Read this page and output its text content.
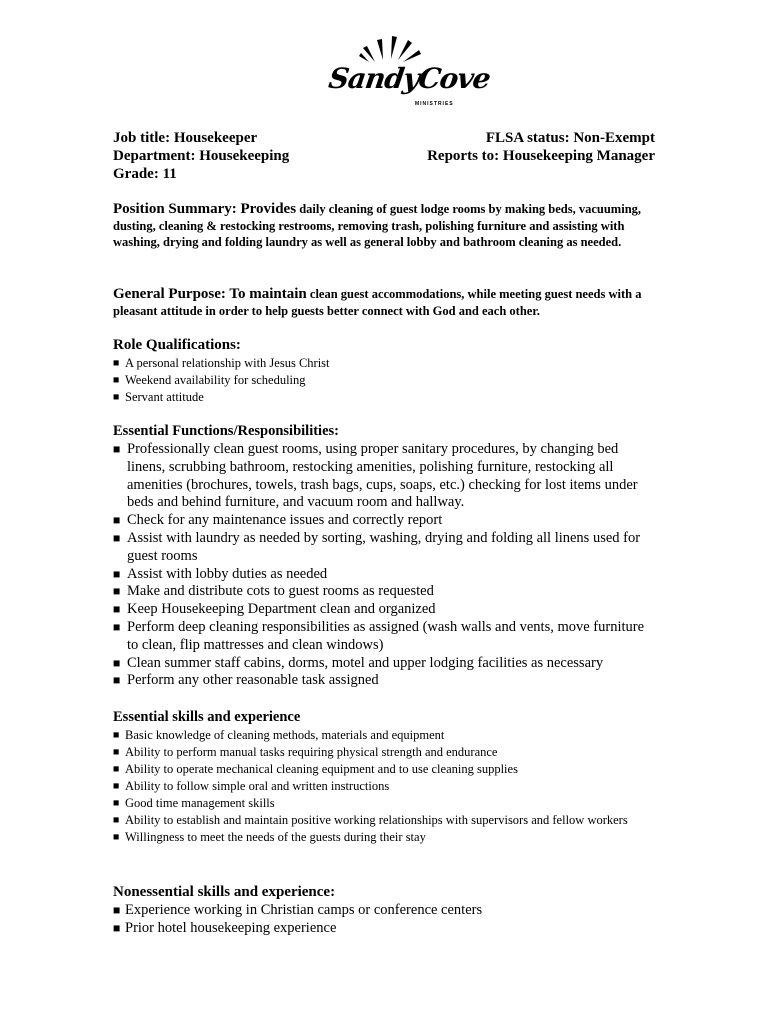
SandyCove
MINISTRIES
Job title: Housekeeper
Department: Housekeeping
Grade: 11
FLSA status: Non-Exempt
Reports to: Housekeeping Manager
Position Summary: Provides daily cleaning of guest lodge rooms by making beds, vacuuming, dusting, cleaning & restocking restrooms, removing trash, polishing furniture and assisting with washing, drying and folding laundry as well as general lobby and bathroom cleaning as needed.
General Purpose: To maintain clean guest accommodations, while meeting guest needs with a pleasant attitude in order to help guests better connect with God and each other.
Role Qualifications:
■ A personal relationship with Jesus Christ
■ Weekend availability for scheduling
■ Servant attitude
Essential Functions/Responsibilities:
■ Professionally clean guest rooms, using proper sanitary procedures, by changing bed linens, scrubbing bathroom, restocking amenities, polishing furniture, restocking all amenities (brochures, towels, trash bags, cups, soaps, etc.) checking for lost items under beds and behind furniture, and vacuum room and hallway.
■ Check for any maintenance issues and correctly report
■ Assist with laundry as needed by sorting, washing, drying and folding all linens used for guest rooms
■ Assist with lobby duties as needed
■ Make and distribute cots to guest rooms as requested
■ Keep Housekeeping Department clean and organized
■ Perform deep cleaning responsibilities as assigned (wash walls and vents, move furniture to clean, flip mattresses and clean windows)
■ Clean summer staff cabins, dorms, motel and upper lodging facilities as necessary
■ Perform any other reasonable task assigned
Essential skills and experience
■ Basic knowledge of cleaning methods, materials and equipment
■ Ability to perform manual tasks requiring physical strength and endurance
■ Ability to operate mechanical cleaning equipment and to use cleaning supplies
■ Ability to follow simple oral and written instructions
■ Good time management skills
■ Ability to establish and maintain positive working relationships with supervisors and fellow workers
■ Willingness to meet the needs of the guests during their stay
Nonessential skills and experience:
■ Experience working in Christian camps or conference centers
■ Prior hotel housekeeping experience
